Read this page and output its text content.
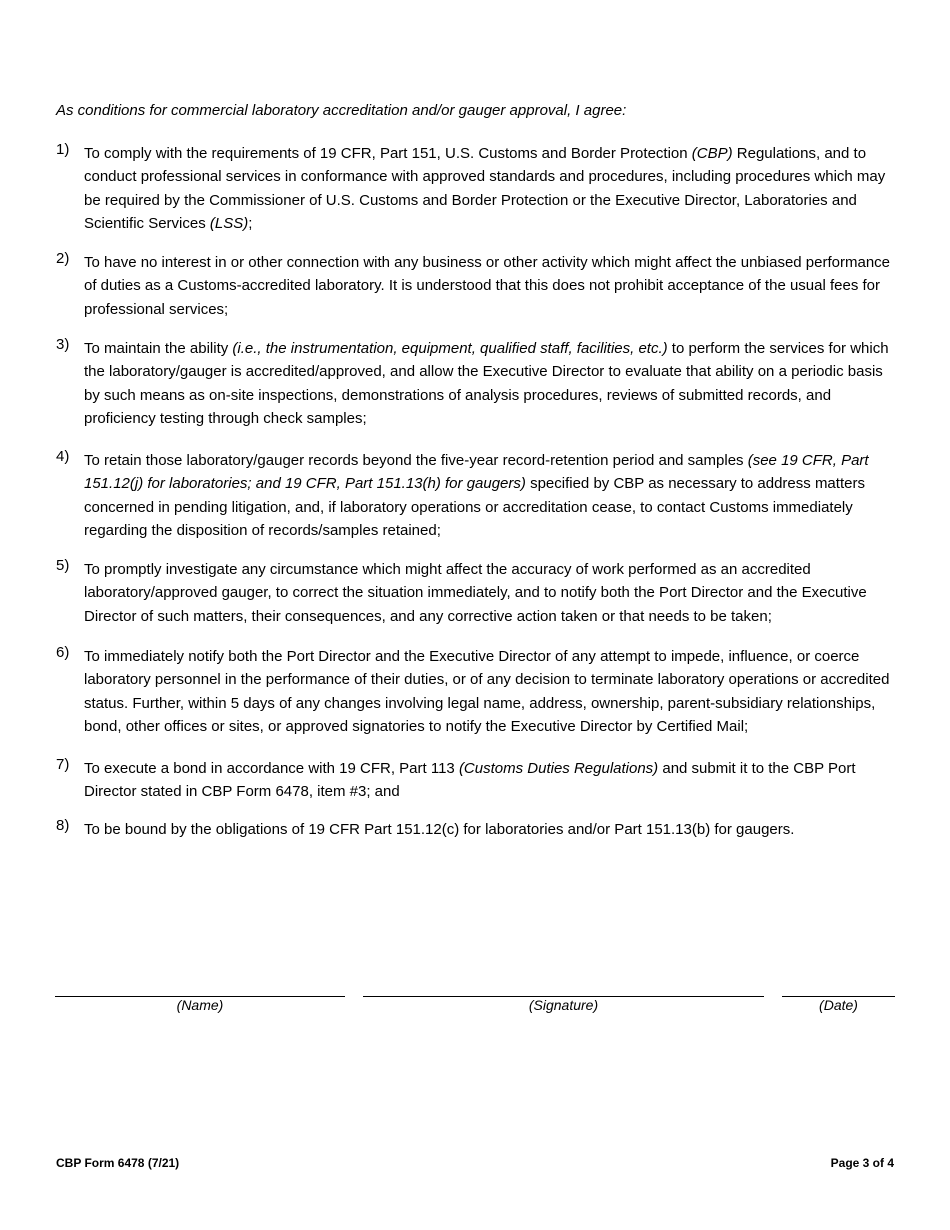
As conditions for commercial laboratory accreditation and/or gauger approval, I agree:

1) To comply with the requirements of 19 CFR, Part 151, U.S. Customs and Border Protection (CBP) Regulations, and to conduct professional services in conformance with approved standards and procedures, including procedures which may be required by the Commissioner of U.S. Customs and Border Protection or the Executive Director, Laboratories and Scientific Services (LSS);
2) To have no interest in or other connection with any business or other activity which might affect the unbiased performance of duties as a Customs-accredited laboratory. It is understood that this does not prohibit acceptance of the usual fees for professional services;
3) To maintain the ability (i.e., the instrumentation, equipment, qualified staff, facilities, etc.) to perform the services for which the laboratory/gauger is accredited/approved, and allow the Executive Director to evaluate that ability on a periodic basis by such means as on-site inspections, demonstrations of analysis procedures, reviews of submitted records, and proficiency testing through check samples;
4) To retain those laboratory/gauger records beyond the five-year record-retention period and samples (see 19 CFR, Part 151.12(j) for laboratories; and 19 CFR, Part 151.13(h) for gaugers) specified by CBP as necessary to address matters concerned in pending litigation, and, if laboratory operations or accreditation cease, to contact Customs immediately regarding the disposition of records/samples retained;
5) To promptly investigate any circumstance which might affect the accuracy of work performed as an accredited laboratory/approved gauger, to correct the situation immediately, and to notify both the Port Director and the Executive Director of such matters, their consequences, and any corrective action taken or that needs to be taken;
6) To immediately notify both the Port Director and the Executive Director of any attempt to impede, influence, or coerce laboratory personnel in the performance of their duties, or of any decision to terminate laboratory operations or accredited status. Further, within 5 days of any changes involving legal name, address, ownership, parent-subsidiary relationships, bond, other offices or sites, or approved signatories to notify the Executive Director by Certified Mail;
7) To execute a bond in accordance with 19 CFR, Part 113 (Customs Duties Regulations) and submit it to the CBP Port Director stated in CBP Form 6478, item #3; and
8) To be bound by the obligations of 19 CFR Part 151.12(c) for laboratories and/or Part 151.13(b) for gaugers.
(Name)	(Signature)	(Date)
CBP Form 6478 (7/21)	Page 3 of 4
